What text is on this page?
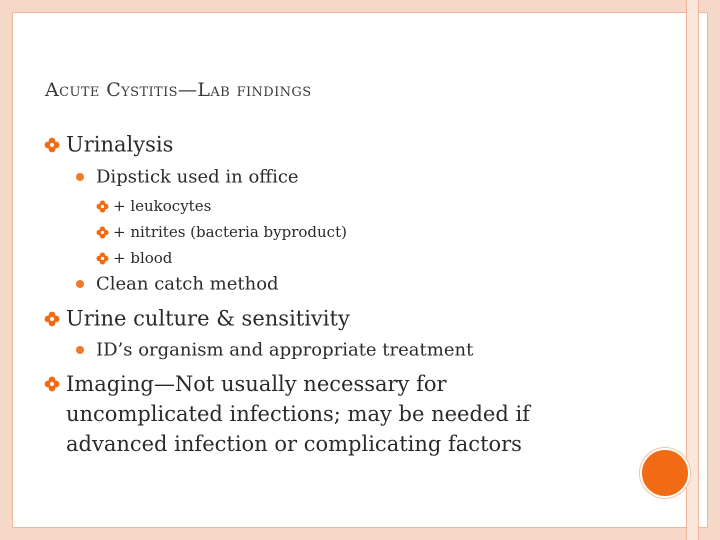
Acute Cystitis—Lab findings
Urinalysis
Dipstick used in office
+ leukocytes
+ nitrites (bacteria byproduct)
+ blood
Clean catch method
Urine culture & sensitivity
ID’s organism and appropriate treatment
Imaging—Not usually necessary for
uncomplicated infections; may be needed if
advanced infection or complicating factors
